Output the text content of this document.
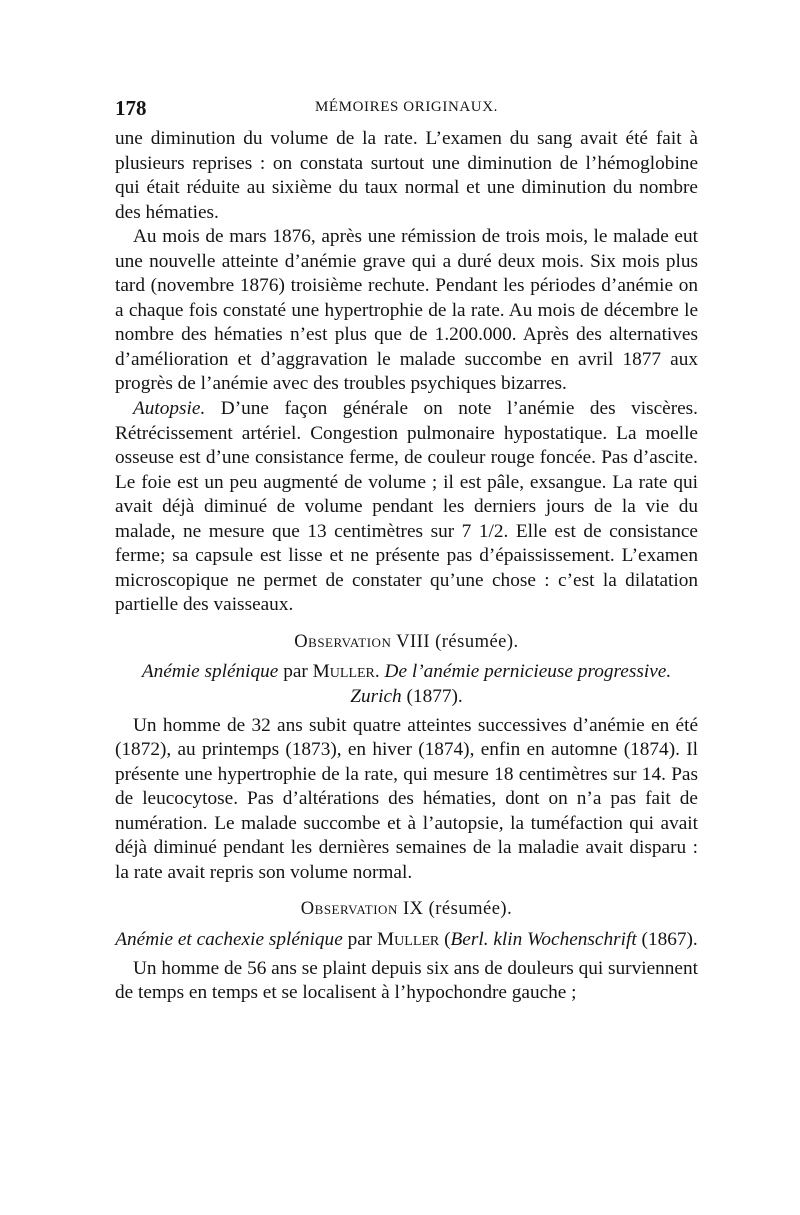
178	MÉMOIRES ORIGINAUX.

une diminution du volume de la rate. L’examen du sang avait été fait à plusieurs reprises : on constata surtout une diminution de l’hémoglobine qui était réduite au sixième du taux normal et une diminution du nombre des hématies.

Au mois de mars 1876, après une rémission de trois mois, le malade eut une nouvelle atteinte d’anémie grave qui a duré deux mois. Six mois plus tard (novembre 1876) troisième rechute. Pendant les périodes d’anémie on a chaque fois constaté une hypertrophie de la rate. Au mois de décembre le nombre des hématies n’est plus que de 1.200.000. Après des alternatives d’amélioration et d’aggravation le malade succombe en avril 1877 aux progrès de l’anémie avec des troubles psychiques bizarres.

Autopsie. D’une façon générale on note l’anémie des viscères. Rétrécissement artériel. Congestion pulmonaire hypostatique. La moelle osseuse est d’une consistance ferme, de couleur rouge foncée. Pas d’ascite. Le foie est un peu augmenté de volume ; il est pâle, exsangue. La rate qui avait déjà diminué de volume pendant les derniers jours de la vie du malade, ne mesure que 13 centimètres sur 7 1/2. Elle est de consistance ferme; sa capsule est lisse et ne présente pas d’épaississement. L’examen microscopique ne permet de constater qu’une chose : c’est la dilatation partielle des vaisseaux.

Observation VIII (résumée).
Anémie splénique par Muller. De l’anémie pernicieuse progressive. Zurich (1877).

Un homme de 32 ans subit quatre atteintes successives d’anémie en été (1872), au printemps (1873), en hiver (1874), enfin en automne (1874). Il présente une hypertrophie de la rate, qui mesure 18 centimètres sur 14. Pas de leucocytose. Pas d’altérations des hématies, dont on n’a pas fait de numération. Le malade succombe et à l’autopsie, la tuméfaction qui avait déjà diminué pendant les dernières semaines de la maladie avait disparu : la rate avait repris son volume normal.

Observation IX (résumée).
Anémie et cachexie splénique par Muller (Berl. klin Wochenschrift (1867).

Un homme de 56 ans se plaint depuis six ans de douleurs qui surviennent de temps en temps et se localisent à l’hypochondre gauche ;
